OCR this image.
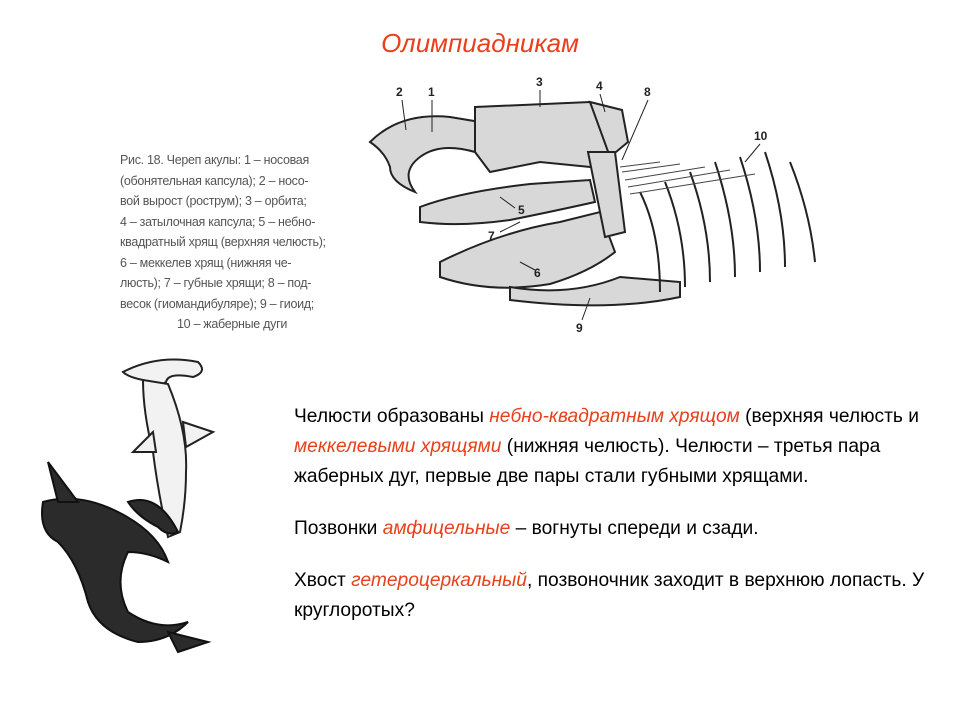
Олимпиадникам
Рис. 18. Череп акулы: 1 – носовая
(обонятельная капсула); 2 – носо-
вой вырост (рострум); 3 – орбита;
4 – затылочная капсула; 5 – небно-
квадратный хрящ (верхняя челюсть);
6 – меккелев хрящ (нижняя че-
люсть); 7 – губные хрящи; 8 – под-
весок (гиомандибуляре); 9 – гиоид;
10 – жаберные дуги
2 1
3	4	8
5
7
6
9
10

Челюсти образованы небно-квадратным хрящом (верхняя челюсть и меккелевыми хрящями (нижняя челюсть). Челюсти – третья пара жаберных дуг, первые две пары стали губными хрящами.

Позвонки амфицельные – вогнуты спереди и сзади.

Хвост гетероцеркальный, позвоночник заходит в верхнюю лопасть. У круглоротых?
